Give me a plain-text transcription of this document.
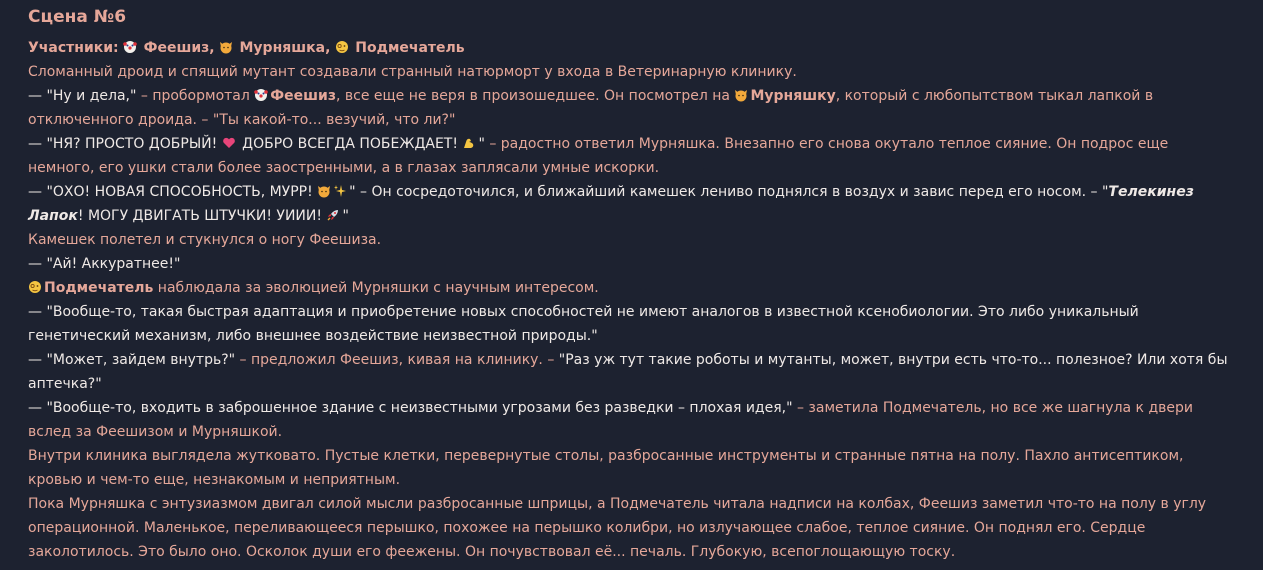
Сцена №6
Участники: Феешиз, Мурняшка, Подмечатель
Сломанный дроид и спящий мутант создавали странный натюрморт у входа в Ветеринарную клинику.
— "Ну и дела," – пробормотал Феешиз, все еще не веря в произошедшее. Он посмотрел на Мурняшку, который с любопытством тыкал лапкой в
отключенного дроида. – "Ты какой-то... везучий, что ли?"
— "НЯ? ПРОСТО ДОБРЫЙ! ДОБРО ВСЕГДА ПОБЕЖДАЕТ! " – радостно ответил Мурняшка. Внезапно его снова окутало теплое сияние. Он подрос еще
немного, его ушки стали более заостренными, а в глазах заплясали умные искорки.
— "ОХО! НОВАЯ СПОСОБНОСТЬ, МУРР!	" – Он сосредоточился, и ближайший камешек лениво поднялся в воздух и завис перед его носом. – "Телекинез
Лапок! МОГУ ДВИГАТЬ ШТУЧКИ! УИИИ! "
Камешек полетел и стукнулся о ногу Феешиза.
— "Ай! Аккуратнее!"
Подмечатель наблюдала за эволюцией Мурняшки с научным интересом.
— "Вообще-то, такая быстрая адаптация и приобретение новых способностей не имеют аналогов в известной ксенобиологии. Это либо уникальный
генетический механизм, либо внешнее воздействие неизвестной природы."
— "Может, зайдем внутрь?" – предложил Феешиз, кивая на клинику. – "Раз уж тут такие роботы и мутанты, может, внутри есть что-то... полезное? Или хотя бы
аптечка?"
— "Вообще-то, входить в заброшенное здание с неизвестными угрозами без разведки – плохая идея," – заметила Подмечатель, но все же шагнула к двери
вслед за Феешизом и Мурняшкой.
Внутри клиника выглядела жутковато. Пустые клетки, перевернутые столы, разбросанные инструменты и странные пятна на полу. Пахло антисептиком,
кровью и чем-то еще, незнакомым и неприятным.
Пока Мурняшка с энтузиазмом двигал силой мысли разбросанные шприцы, а Подмечатель читала надписи на колбах, Феешиз заметил что-то на полу в углу
операционной. Маленькое, переливающееся перышко, похожее на перышко колибри, но излучающее слабое, теплое сияние. Он поднял его. Сердце
заколотилось. Это было оно. Осколок души его феежены. Он почувствовал её... печаль. Глубокую, всепоглощающую тоску.
